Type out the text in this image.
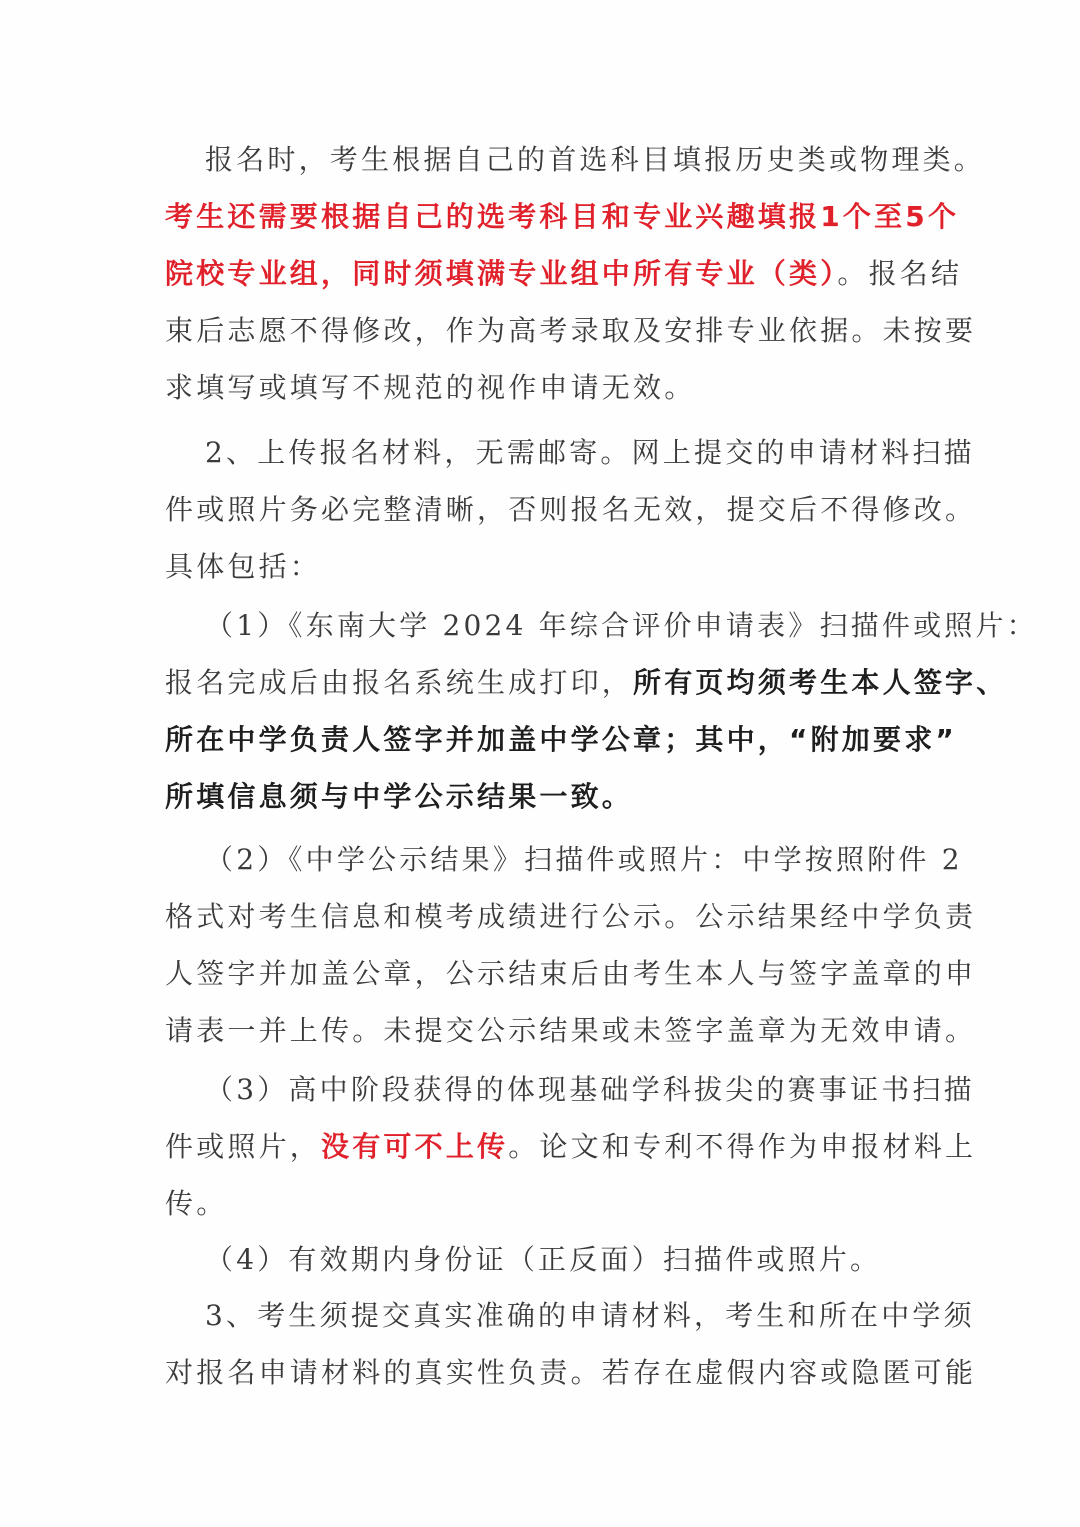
报名时，考生根据自己的首选科目填报历史类或物理类。
考生还需要根据自己的选考科目和专业兴趣填报1个至5个
院校专业组，同时须填满专业组中所有专业（类）。报名结
束后志愿不得修改，作为高考录取及安排专业依据。未按要
求填写或填写不规范的视作申请无效。
2、上传报名材料，无需邮寄。网上提交的申请材料扫描
件或照片务必完整清晰，否则报名无效，提交后不得修改。
具体包括：
（1）《东南大学 2024 年综合评价申请表》扫描件或照片：
报名完成后由报名系统生成打印，所有页均须考生本人签字、
所在中学负责人签字并加盖中学公章；其中，“附加要求”
所填信息须与中学公示结果一致。
（2）《中学公示结果》扫描件或照片：中学按照附件 2
格式对考生信息和模考成绩进行公示。公示结果经中学负责
人签字并加盖公章，公示结束后由考生本人与签字盖章的申
请表一并上传。未提交公示结果或未签字盖章为无效申请。
（3）高中阶段获得的体现基础学科拔尖的赛事证书扫描
件或照片，没有可不上传。论文和专利不得作为申报材料上
传。
（4）有效期内身份证（正反面）扫描件或照片。
3、考生须提交真实准确的申请材料，考生和所在中学须
对报名申请材料的真实性负责。若存在虚假内容或隐匿可能
